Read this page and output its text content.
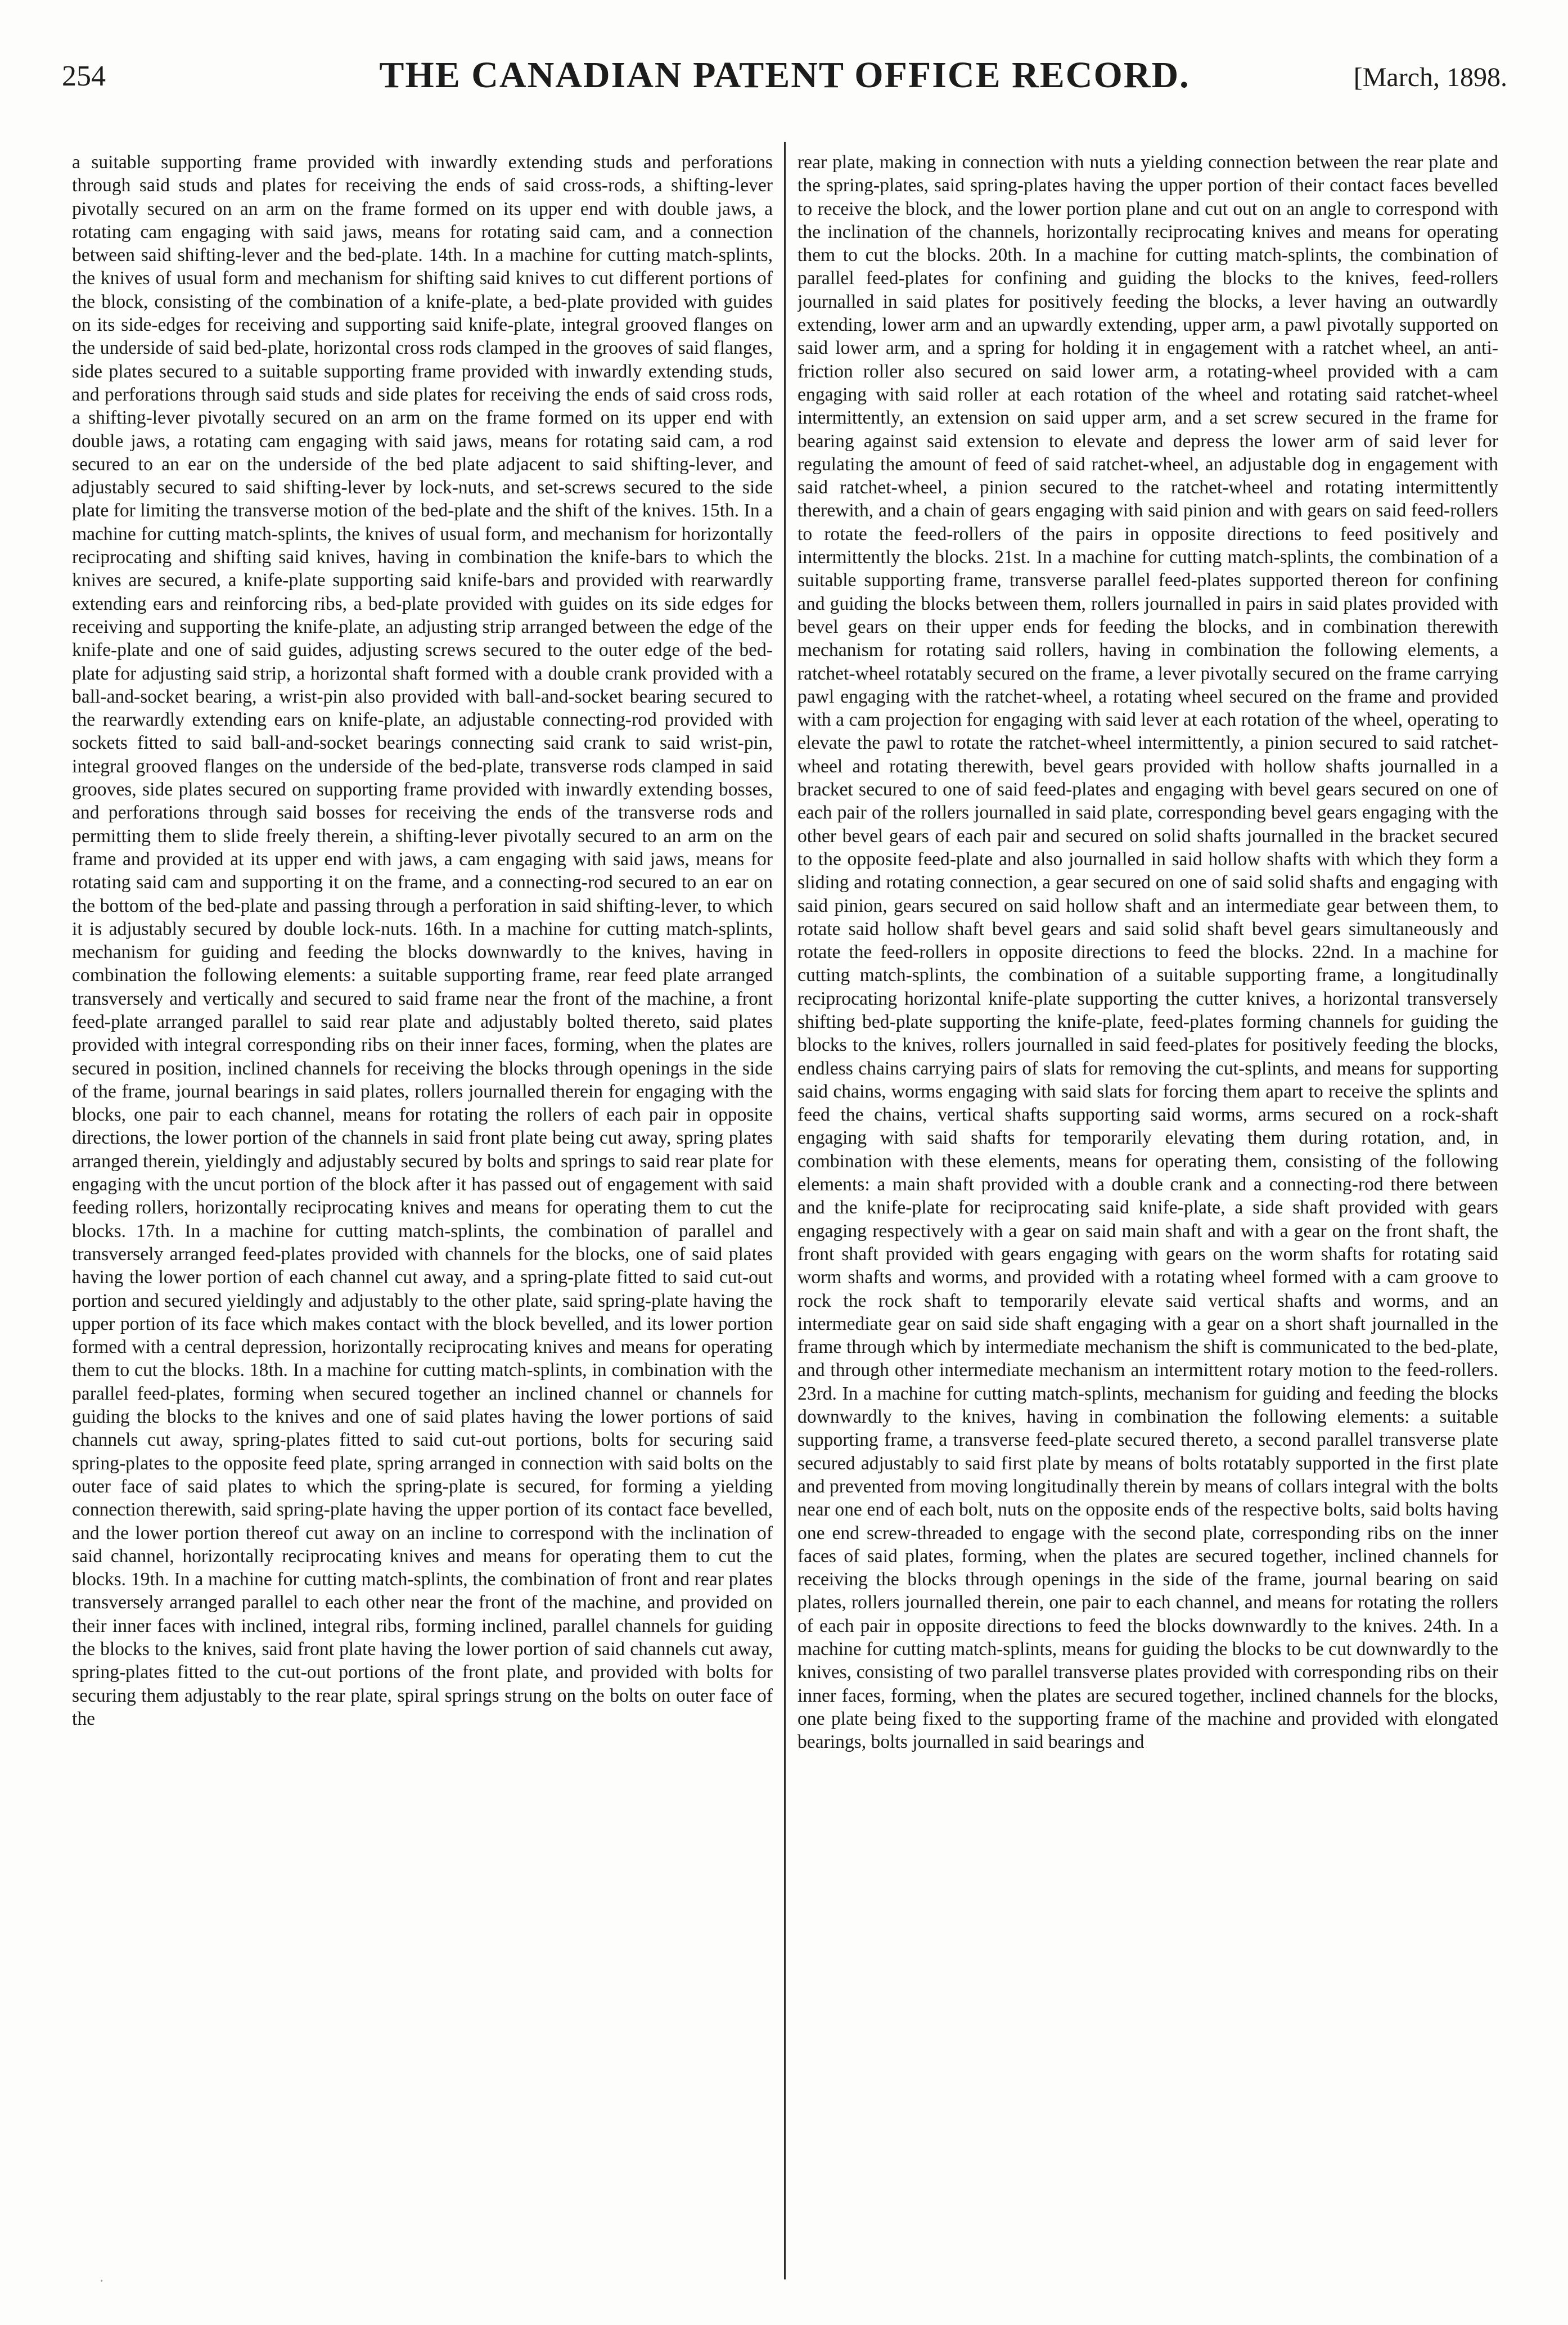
254	THE CANADIAN PATENT OFFICE RECORD.	[March, 1898.

a suitable supporting frame provided with inwardly extending studs and perforations through said studs and plates for receiving the ends of said cross-rods, a shifting-lever pivotally secured on an arm on the frame formed on its upper end with double jaws, a rotating cam engaging with said jaws, means for rotating said cam, and a connection between said shifting-lever and the bed-plate. 14th. In a machine for cutting match-splints, the knives of usual form and mechanism for shifting said knives to cut different portions of the block, consisting of the combination of a knife-plate, a bed-plate provided with guides on its side-edges for receiving and supporting said knife-plate, integral grooved flanges on the underside of said bed-plate, horizontal cross rods clamped in the grooves of said flanges, side plates secured to a suitable supporting frame provided with inwardly extending studs, and perforations through said studs and side plates for receiving the ends of said cross rods, a shifting-lever pivotally secured on an arm on the frame formed on its upper end with double jaws, a rotating cam engaging with said jaws, means for rotating said cam, a rod secured to an ear on the underside of the bed plate adjacent to said shifting-lever, and adjustably secured to said shifting-lever by lock-nuts, and set-screws secured to the side plate for limiting the transverse motion of the bed-plate and the shift of the knives. 15th. In a machine for cutting match-splints, the knives of usual form, and mechanism for horizontally reciprocating and shifting said knives, having in combination the knife-bars to which the knives are secured, a knife-plate supporting said knife-bars and provided with rearwardly extending ears and reinforcing ribs, a bed-plate provided with guides on its side edges for receiving and supporting the knife-plate, an adjusting strip arranged between the edge of the knife-plate and one of said guides, adjusting screws secured to the outer edge of the bed-plate for adjusting said strip, a horizontal shaft formed with a double crank provided with a ball-and-socket bearing, a wrist-pin also provided with ball-and-socket bearing secured to the rearwardly extending ears on knife-plate, an adjustable connecting-rod provided with sockets fitted to said ball-and-socket bearings connecting said crank to said wrist-pin, integral grooved flanges on the underside of the bed-plate, transverse rods clamped in said grooves, side plates secured on supporting frame provided with inwardly extending bosses, and perforations through said bosses for receiving the ends of the transverse rods and permitting them to slide freely therein, a shifting-lever pivotally secured to an arm on the frame and provided at its upper end with jaws, a cam engaging with said jaws, means for rotating said cam and supporting it on the frame, and a connecting-rod secured to an ear on the bottom of the bed-plate and passing through a perforation in said shifting-lever, to which it is adjustably secured by double lock-nuts. 16th. In a machine for cutting match-splints, mechanism for guiding and feeding the blocks downwardly to the knives, having in combination the following elements: a suitable supporting frame, rear feed plate arranged transversely and vertically and secured to said frame near the front of the machine, a front feed-plate arranged parallel to said rear plate and adjustably bolted thereto, said plates provided with integral corresponding ribs on their inner faces, forming, when the plates are secured in position, inclined channels for receiving the blocks through openings in the side of the frame, journal bearings in said plates, rollers journalled therein for engaging with the blocks, one pair to each channel, means for rotating the rollers of each pair in opposite directions, the lower portion of the channels in said front plate being cut away, spring plates arranged therein, yieldingly and adjustably secured by bolts and springs to said rear plate for engaging with the uncut portion of the block after it has passed out of engagement with said feeding rollers, horizontally reciprocating knives and means for operating them to cut the blocks. 17th. In a machine for cutting match-splints, the combination of parallel and transversely arranged feed-plates provided with channels for the blocks, one of said plates having the lower portion of each channel cut away, and a spring-plate fitted to said cut-out portion and secured yieldingly and adjustably to the other plate, said spring-plate having the upper portion of its face which makes contact with the block bevelled, and its lower portion formed with a central depression, horizontally reciprocating knives and means for operating them to cut the blocks. 18th. In a machine for cutting match-splints, in combination with the parallel feed-plates, forming when secured together an inclined channel or channels for guiding the blocks to the knives and one of said plates having the lower portions of said channels cut away, spring-plates fitted to said cut-out portions, bolts for securing said spring-plates to the opposite feed plate, spring arranged in connection with said bolts on the outer face of said plates to which the spring-plate is secured, for forming a yielding connection therewith, said spring-plate having the upper portion of its contact face bevelled, and the lower portion thereof cut away on an incline to correspond with the inclination of said channel, horizontally reciprocating knives and means for operating them to cut the blocks. 19th. In a machine for cutting match-splints, the combination of front and rear plates transversely arranged parallel to each other near the front of the machine, and provided on their inner faces with inclined, integral ribs, forming inclined, parallel channels for guiding the blocks to the knives, said front plate having the lower portion of said channels cut away, spring-plates fitted to the cut-out portions of the front plate, and provided with bolts for securing them adjustably to the rear plate, spiral springs strung on the bolts on outer face of the

rear plate, making in connection with nuts a yielding connection between the rear plate and the spring-plates, said spring-plates having the upper portion of their contact faces bevelled to receive the block, and the lower portion plane and cut out on an angle to correspond with the inclination of the channels, horizontally reciprocating knives and means for operating them to cut the blocks. 20th. In a machine for cutting match-splints, the combination of parallel feed-plates for confining and guiding the blocks to the knives, feed-rollers journalled in said plates for positively feeding the blocks, a lever having an outwardly extending, lower arm and an upwardly extending, upper arm, a pawl pivotally supported on said lower arm, and a spring for holding it in engagement with a ratchet wheel, an anti-friction roller also secured on said lower arm, a rotating-wheel provided with a cam engaging with said roller at each rotation of the wheel and rotating said ratchet-wheel intermittently, an extension on said upper arm, and a set screw secured in the frame for bearing against said extension to elevate and depress the lower arm of said lever for regulating the amount of feed of said ratchet-wheel, an adjustable dog in engagement with said ratchet-wheel, a pinion secured to the ratchet-wheel and rotating intermittently therewith, and a chain of gears engaging with said pinion and with gears on said feed-rollers to rotate the feed-rollers of the pairs in opposite directions to feed positively and intermittently the blocks. 21st. In a machine for cutting match-splints, the combination of a suitable supporting frame, transverse parallel feed-plates supported thereon for confining and guiding the blocks between them, rollers journalled in pairs in said plates provided with bevel gears on their upper ends for feeding the blocks, and in combination therewith mechanism for rotating said rollers, having in combination the following elements, a ratchet-wheel rotatably secured on the frame, a lever pivotally secured on the frame carrying pawl engaging with the ratchet-wheel, a rotating wheel secured on the frame and provided with a cam projection for engaging with said lever at each rotation of the wheel, operating to elevate the pawl to rotate the ratchet-wheel intermittently, a pinion secured to said ratchet-wheel and rotating therewith, bevel gears provided with hollow shafts journalled in a bracket secured to one of said feed-plates and engaging with bevel gears secured on one of each pair of the rollers journalled in said plate, corresponding bevel gears engaging with the other bevel gears of each pair and secured on solid shafts journalled in the bracket secured to the opposite feed-plate and also journalled in said hollow shafts with which they form a sliding and rotating connection, a gear secured on one of said solid shafts and engaging with said pinion, gears secured on said hollow shaft and an intermediate gear between them, to rotate said hollow shaft bevel gears and said solid shaft bevel gears simultaneously and rotate the feed-rollers in opposite directions to feed the blocks. 22nd. In a machine for cutting match-splints, the combination of a suitable supporting frame, a longitudinally reciprocating horizontal knife-plate supporting the cutter knives, a horizontal transversely shifting bed-plate supporting the knife-plate, feed-plates forming channels for guiding the blocks to the knives, rollers journalled in said feed-plates for positively feeding the blocks, endless chains carrying pairs of slats for removing the cut-splints, and means for supporting said chains, worms engaging with said slats for forcing them apart to receive the splints and feed the chains, vertical shafts supporting said worms, arms secured on a rock-shaft engaging with said shafts for temporarily elevating them during rotation, and, in combination with these elements, means for operating them, consisting of the following elements: a main shaft provided with a double crank and a connecting-rod there between and the knife-plate for reciprocating said knife-plate, a side shaft provided with gears engaging respectively with a gear on said main shaft and with a gear on the front shaft, the front shaft provided with gears engaging with gears on the worm shafts for rotating said worm shafts and worms, and provided with a rotating wheel formed with a cam groove to rock the rock shaft to temporarily elevate said vertical shafts and worms, and an intermediate gear on said side shaft engaging with a gear on a short shaft journalled in the frame through which by intermediate mechanism the shift is communicated to the bed-plate, and through other intermediate mechanism an intermittent rotary motion to the feed-rollers. 23rd. In a machine for cutting match-splints, mechanism for guiding and feeding the blocks downwardly to the knives, having in combination the following elements: a suitable supporting frame, a transverse feed-plate secured thereto, a second parallel transverse plate secured adjustably to said first plate by means of bolts rotatably supported in the first plate and prevented from moving longitudinally therein by means of collars integral with the bolts near one end of each bolt, nuts on the opposite ends of the respective bolts, said bolts having one end screw-threaded to engage with the second plate, corresponding ribs on the inner faces of said plates, forming, when the plates are secured together, inclined channels for receiving the blocks through openings in the side of the frame, journal bearing on said plates, rollers journalled therein, one pair to each channel, and means for rotating the rollers of each pair in opposite directions to feed the blocks downwardly to the knives. 24th. In a machine for cutting match-splints, means for guiding the blocks to be cut downwardly to the knives, consisting of two parallel transverse plates provided with corresponding ribs on their inner faces, forming, when the plates are secured together, inclined channels for the blocks, one plate being fixed to the supporting frame of the machine and provided with elongated bearings, bolts journalled in said bearings and

·
